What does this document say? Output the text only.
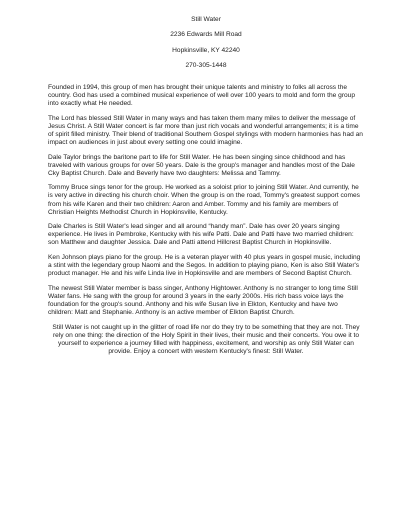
Still Water
2236 Edwards Mill Road
Hopkinsville, KY 42240
270-305-1448

Founded in 1994, this group of men has brought their unique talents and ministry to folks all across the country. God has used a combined musical experience of well over 100 years to mold and form the group into exactly what He needed.

The Lord has blessed Still Water in many ways and has taken them many miles to deliver the message of Jesus Christ. A Still Water concert is far more than just rich vocals and wonderful arrangements; it is a time of spirit filled ministry. Their blend of traditional Southern Gospel stylings with modern harmonies has had an impact on audiences in just about every setting one could imagine.

Dale Taylor brings the baritone part to life for Still Water. He has been singing since childhood and has traveled with various groups for over 50 years. Dale is the group's manager and handles most of the Dale Cky Baptist Church. Dale and Beverly have two daughters: Melissa and Tammy.

Tommy Bruce sings tenor for the group. He worked as a soloist prior to joining Still Water. And currently, he is very active in directing his church choir. When the group is on the road, Tommy's greatest support comes from his wife Karen and their two children: Aaron and Amber. Tommy and his family are members of Christian Heights Methodist Church in Hopkinsville, Kentucky.

Dale Charles is Still Water's lead singer and all around “handy man”. Dale has over 20 years singing experience. He lives in Pembroke, Kentucky with his wife Patti. Dale and Patti have two married children: son Matthew and daughter Jessica. Dale and Patti attend Hillcrest Baptist Church in Hopkinsville.

Ken Johnson plays piano for the group. He is a veteran player with 40 plus years in gospel music, including a stint with the legendary group Naomi and the Segos. In addition to playing piano, Ken is also Still Water's product manager. He and his wife Linda live in Hopkinsville and are members of Second Baptist Church.

The newest Still Water member is bass singer, Anthony Hightower. Anthony is no stranger to long time Still Water fans. He sang with the group for around 3 years in the early 2000s. His rich bass voice lays the foundation for the group's sound. Anthony and his wife Susan live in Elkton, Kentucky and have two children: Matt and Stephanie. Anthony is an active member of Elkton Baptist Church.

Still Water is not caught up in the glitter of road life nor do they try to be something that they are not. They rely on one thing: the direction of the Holy Spirit in their lives, their music and their concerts. You owe it to yourself to experience a journey filled with happiness, excitement, and worship as only Still Water can provide. Enjoy a concert with western Kentucky's finest: Still Water.
